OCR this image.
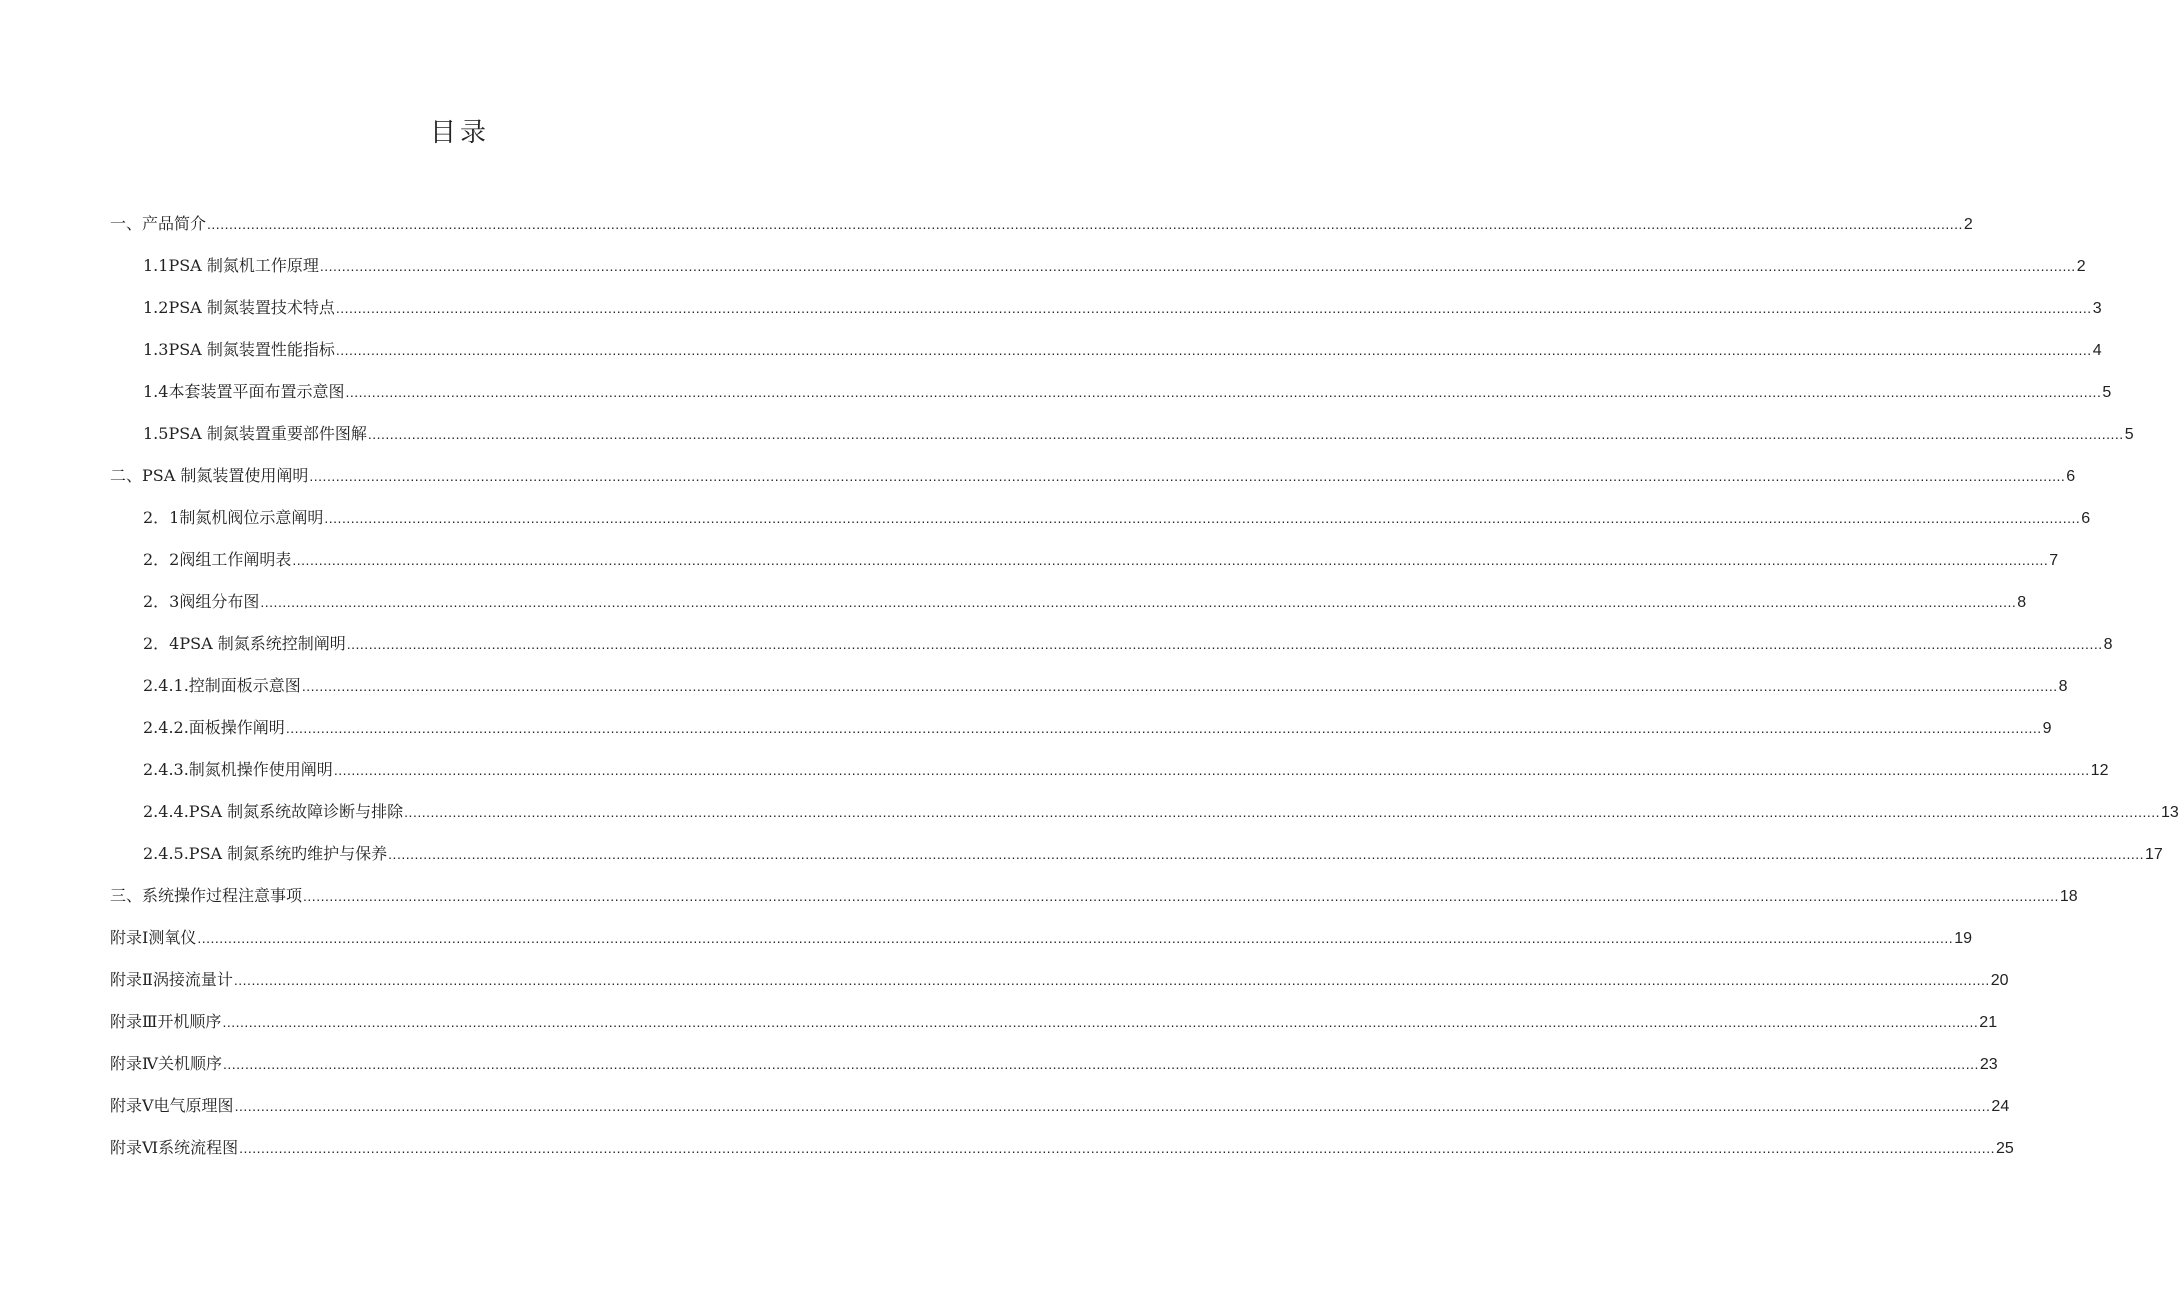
目录
一、 产品简介 ................................................................................................................................................................................................................................................................................................................................................................................................................ 2
1.1 PSA 制氮机工作原理 ................................................................................................................................................................................................................................................................................................................................................................................................................ 2
1.2 PSA 制氮装置技术特点 ................................................................................................................................................................................................................................................................................................................................................................................................................ 3
1.3 PSA 制氮装置性能指标 ................................................................................................................................................................................................................................................................................................................................................................................................................ 4
1.4 本套装置平面布置示意图 ................................................................................................................................................................................................................................................................................................................................................................................................................ 5
1.5 PSA 制氮装置重要部件图解 ................................................................................................................................................................................................................................................................................................................................................................................................................ 5
二、 PSA 制氮装置使用阐明 ................................................................................................................................................................................................................................................................................................................................................................................................................ 6
2．1 制氮机阀位示意阐明 ................................................................................................................................................................................................................................................................................................................................................................................................................ 6
2．2 阀组工作阐明表 ................................................................................................................................................................................................................................................................................................................................................................................................................ 7
2．3 阀组分布图 ................................................................................................................................................................................................................................................................................................................................................................................................................ 8
2．4 PSA 制氮系统控制阐明 ................................................................................................................................................................................................................................................................................................................................................................................................................ 8
2.4.1. 控制面板示意图 ................................................................................................................................................................................................................................................................................................................................................................................................................ 8
2.4.2. 面板操作阐明 ................................................................................................................................................................................................................................................................................................................................................................................................................ 9
2.4.3. 制氮机操作使用阐明 ................................................................................................................................................................................................................................................................................................................................................................................................................ 12
2.4.4. PSA 制氮系统故障诊断与排除 ................................................................................................................................................................................................................................................................................................................................................................................................................ 13
2.4.5. PSA 制氮系统旳维护与保养 ................................................................................................................................................................................................................................................................................................................................................................................................................ 17
三、 系统操作过程注意事项 ................................................................................................................................................................................................................................................................................................................................................................................................................ 18
附录Ⅰ测氧仪 ................................................................................................................................................................................................................................................................................................................................................................................................................ 19
附录Ⅱ涡接流量计 ................................................................................................................................................................................................................................................................................................................................................................................................................ 20
附录Ⅲ开机顺序 ................................................................................................................................................................................................................................................................................................................................................................................................................ 21
附录Ⅳ关机顺序 ................................................................................................................................................................................................................................................................................................................................................................................................................ 23
附录Ⅴ电气原理图 ................................................................................................................................................................................................................................................................................................................................................................................................................ 24
附录Ⅵ系统流程图 ................................................................................................................................................................................................................................................................................................................................................................................................................ 25
